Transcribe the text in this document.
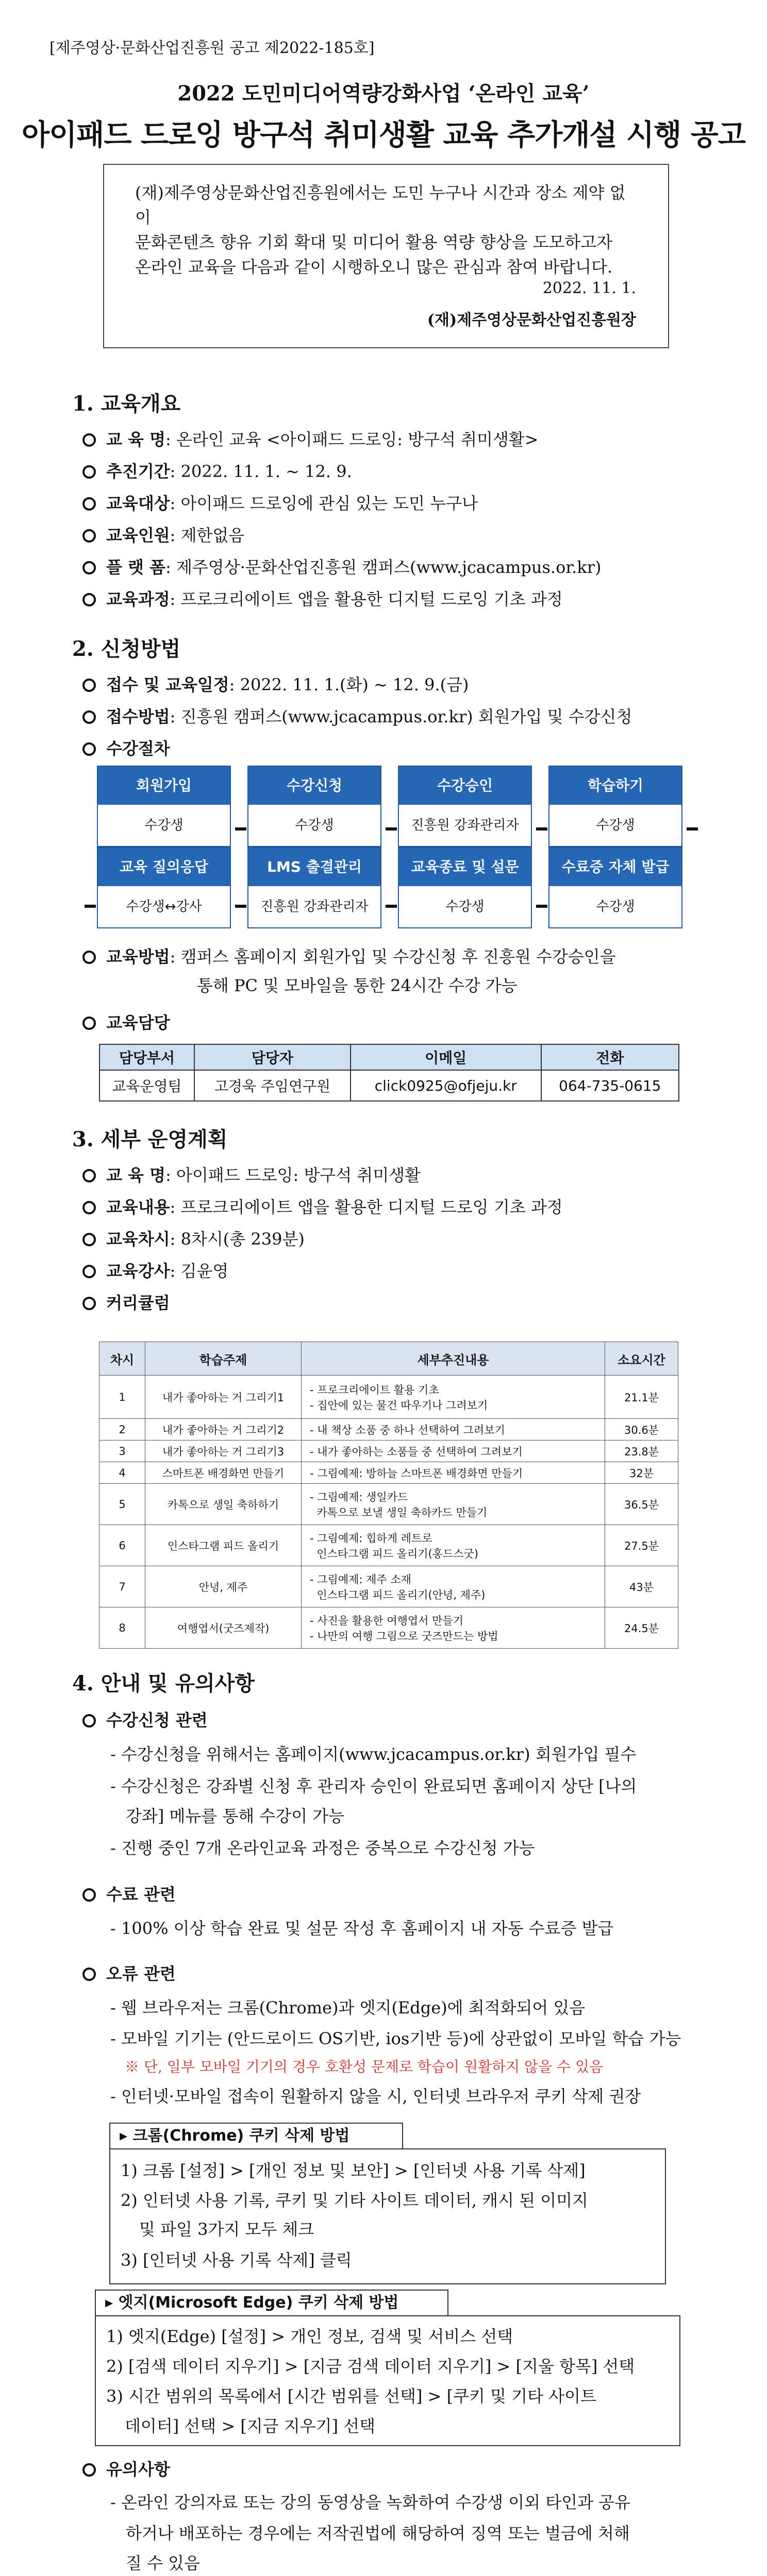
[제주영상·문화산업진흥원 공고 제2022-185호]
2022 도민미디어역량강화사업 ‘온라인 교육’
아이패드 드로잉 방구석 취미생활 교육 추가개설 시행 공고
(재)제주영상문화산업진흥원에서는 도민 누구나 시간과 장소 제약 없이
문화콘텐츠 향유 기회 확대 및 미디어 활용 역량 향상을 도모하고자
온라인 교육을 다음과 같이 시행하오니 많은 관심과 참여 바랍니다.
2022. 11. 1.
(재)제주영상문화산업진흥원장
1. 교육개요
교 육 명: 온라인 교육 <아이패드 드로잉: 방구석 취미생활>
추진기간: 2022. 11. 1. ~ 12. 9.
교육대상: 아이패드 드로잉에 관심 있는 도민 누구나
교육인원: 제한없음
플 랫 폼: 제주영상·문화산업진흥원 캠퍼스(www.jcacampus.or.kr)
교육과정: 프로크리에이트 앱을 활용한 디지털 드로잉 기초 과정
2. 신청방법
접수 및 교육일정: 2022. 11. 1.(화) ~ 12. 9.(금)
접수방법: 진흥원 캠퍼스(www.jcacampus.or.kr) 회원가입 및 수강신청
수강절차
회원가입
수강생
수강신청
수강생
수강승인
진흥원 강좌관리자
학습하기
수강생
교육 질의응답
수강생↔강사
LMS 출결관리
진흥원 강좌관리자
교육종료 및 설문
수강생
수료증 자체 발급
수강생
교육방법: 캠퍼스 홈페이지 회원가입 및 수강신청 후 진흥원 수강승인을
통해 PC 및 모바일을 통한 24시간 수강 가능
교육담당
담당부서	담당자	이메일	전화
교육운영팀	고경욱 주임연구원	click0925@ofjeju.kr	064-735-0615
3. 세부 운영계획
교 육 명: 아이패드 드로잉: 방구석 취미생활
교육내용: 프로크리에이트 앱을 활용한 디지털 드로잉 기초 과정
교육차시: 8차시(총 239분)
교육강사: 김윤영
커리큘럼
차시	학습주제	세부추진내용	소요시간
1	내가 좋아하는 거 그리기1	- 프로크리에이트 활용 기초
- 집안에 있는 물건 따우기나 그려보기	21.1분
2	내가 좋아하는 거 그리기2	- 내 책상 소품 중 하나 선택하여 그려보기	30.6분
3	내가 좋아하는 거 그리기3	- 내가 좋아하는 소품들 중 선택하여 그려보기	23.8분
4	스마트폰 배경화면 만들기	- 그림예제: 방하늘 스마트폰 배경화면 만들기	32분
5	카톡으로 생일 축하하기	- 그림예제: 생일카드
카톡으로 보낼 생일 축하카드 만들기	36.5분
6	인스타그램 피드 올리기	- 그림예제: 힙하게 레트로
인스타그램 피드 올리기(홍드스굿)	27.5분
7	안녕, 제주	- 그림예제: 제주 소재
인스타그램 피드 올리기(안녕, 제주)	43분
8	여행엽서(굿즈제작)	- 사진을 활용한 여행엽서 만들기
- 나만의 여행 그림으로 굿즈만드는 방법	24.5분
4. 안내 및 유의사항
수강신청 관련
- 수강신청을 위해서는 홈페이지(www.jcacampus.or.kr) 회원가입 필수
- 수강신청은 강좌별 신청 후 관리자 승인이 완료되면 홈페이지 상단 [나의
강좌] 메뉴를 통해 수강이 가능
- 진행 중인 7개 온라인교육 과정은 중복으로 수강신청 가능
수료 관련
- 100% 이상 학습 완료 및 설문 작성 후 홈페이지 내 자동 수료증 발급
오류 관련
- 웹 브라우저는 크롬(Chrome)과 엣지(Edge)에 최적화되어 있음
- 모바일 기기는 (안드로이드 OS기반, ios기반 등)에 상관없이 모바일 학습 가능
※ 단, 일부 모바일 기기의 경우 호환성 문제로 학습이 원활하지 않을 수 있음
- 인터넷·모바일 접속이 원활하지 않을 시, 인터넷 브라우저 쿠키 삭제 권장
▸ 크롬(Chrome) 쿠키 삭제 방법
1) 크롬 [설정] > [개인 정보 및 보안] > [인터넷 사용 기록 삭제]
2) 인터넷 사용 기록, 쿠키 및 기타 사이트 데이터, 캐시 된 이미지
및 파일 3가지 모두 체크
3) [인터넷 사용 기록 삭제] 클릭
▸ 엣지(Microsoft Edge) 쿠키 삭제 방법
1) 엣지(Edge) [설정] > 개인 정보, 검색 및 서비스 선택
2) [검색 데이터 지우기] > [지금 검색 데이터 지우기] > [지울 항목] 선택
3) 시간 범위의 목록에서 [시간 범위를 선택] > [쿠키 및 기타 사이트
데이터] 선택 > [지금 지우기] 선택
유의사항
- 온라인 강의자료 또는 강의 동영상을 녹화하여 수강생 이외 타인과 공유
하거나 배포하는 경우에는 저작권법에 해당하여 징역 또는 벌금에 처해
질 수 있음
